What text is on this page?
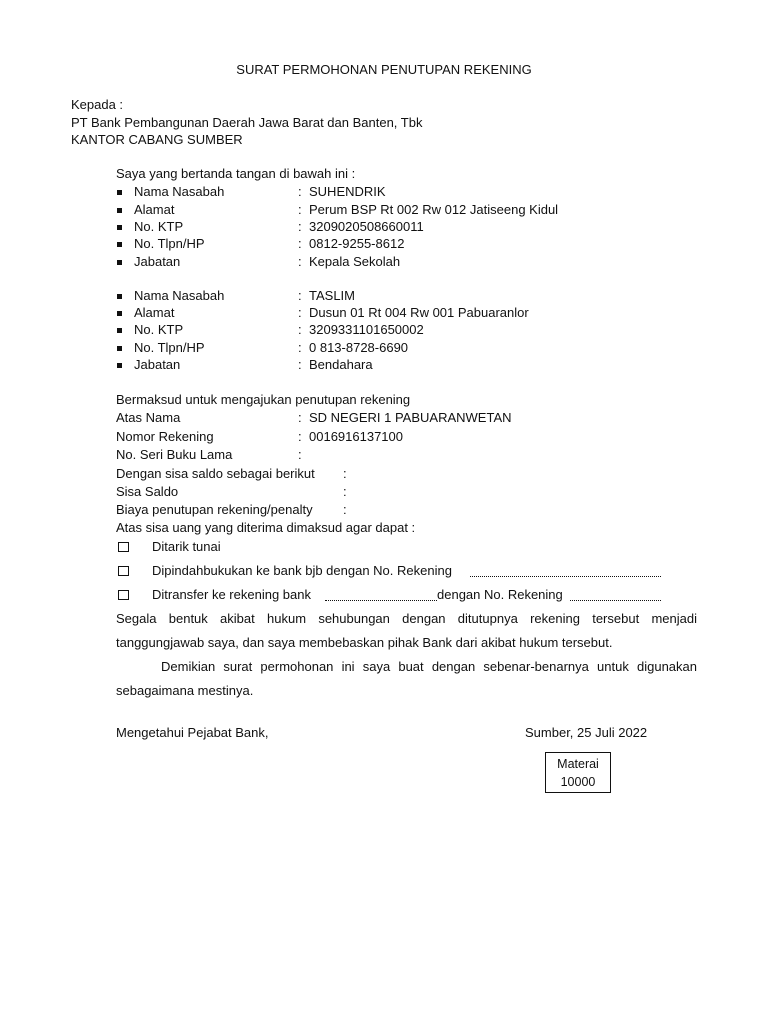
SURAT PERMOHONAN PENUTUPAN REKENING
Kepada :
PT Bank Pembangunan Daerah Jawa Barat dan Banten, Tbk
KANTOR CABANG SUMBER
Saya yang bertanda tangan di bawah ini :
Nama Nasabah	: SUHENDRIK
Alamat	: Perum BSP Rt 002 Rw 012 Jatiseeng Kidul
No. KTP	: 3209020508660011
No. Tlpn/HP	: 0812-9255-8612
Jabatan	: Kepala Sekolah
Nama Nasabah	: TASLIM
Alamat	: Dusun 01 Rt 004 Rw 001 Pabuaranlor
No. KTP	: 3209331101650002
No. Tlpn/HP	: 0 813-8728-6690
Jabatan	: Bendahara
Bermaksud untuk mengajukan penutupan rekening
Atas Nama	: SD NEGERI 1 PABUARANWETAN
Nomor Rekening	: 0016916137100
No. Seri Buku Lama	:
Dengan sisa saldo sebagai berikut :
Sisa Saldo	:
Biaya penutupan rekening/penalty :
Atas sisa uang yang diterima dimaksud agar dapat :
Ditarik tunai
Dipindahbukukan ke bank bjb dengan No. Rekening
Ditransfer ke rekening bank	dengan No. Rekening
Segala bentuk akibat hukum sehubungan dengan ditutupnya rekening tersebut menjadi tanggungjawab saya, dan saya membebaskan pihak Bank dari akibat hukum tersebut.
Demikian surat permohonan ini saya buat dengan sebenar-benarnya untuk digunakan sebagaimana mestinya.
Mengetahui Pejabat Bank,	Sumber, 25 Juli 2022
Materai
10000
